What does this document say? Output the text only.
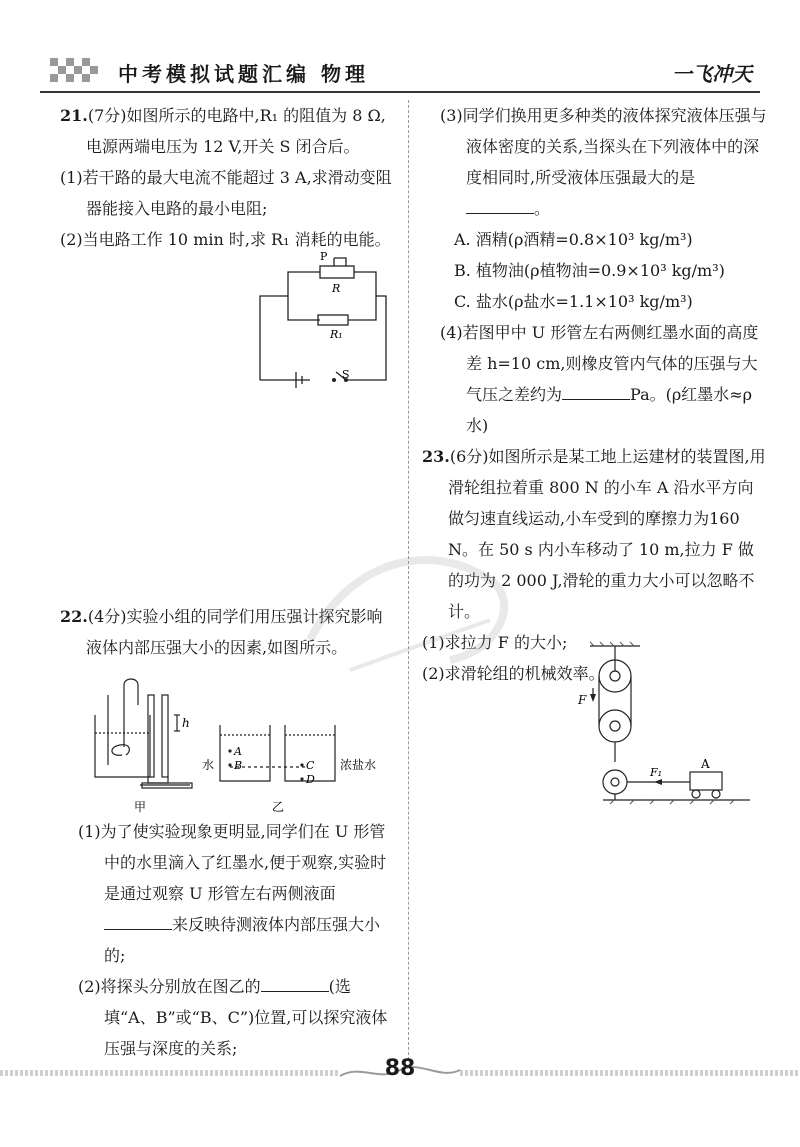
中考模拟试题汇编 物理	一飞冲天

21.(7分)如图所示的电路中,R₁ 的阻值为 8 Ω,电源两端电压为 12 V,开关 S 闭合后。

(1)若干路的最大电流不能超过 3 A,求滑动变阻器能接入电路的最小电阻;

(2)当电路工作 10 min 时,求 R₁ 消耗的电能。

P
R
R₁
S

22.(4分)实验小组的同学们用压强计探究影响液体内部压强大小的因素,如图所示。

h
A
B	C
D
水	浓盐水
甲	乙

(1)为了使实验现象更明显,同学们在 U 形管中的水里滴入了红墨水,便于观察,实验时是通过观察 U 形管左右两侧液面来反映待测液体内部压强大小的;

(2)将探头分别放在图乙的	(选填“A、B”或“B、C”)位置,可以探究液体压强与深度的关系;

(3)同学们换用更多种类的液体探究液体压强与液体密度的关系,当探头在下列液体中的深度相同时,所受液体压强最大的是
。

A. 酒精(ρ酒精=0.8×10³ kg/m³)

B. 植物油(ρ植物油=0.9×10³ kg/m³)

C. 盐水(ρ盐水=1.1×10³ kg/m³)

(4)若图甲中 U 形管左右两侧红墨水面的高度差 h=10 cm,则橡皮管内气体的压强与大气压之差约为	Pa。(ρ红墨水≈ρ水)

23.(6分)如图所示是某工地上运建材的装置图,用滑轮组拉着重 800 N 的小车 A 沿水平方向做匀速直线运动,小车受到的摩擦力为160 N。在 50 s 内小车移动了 10 m,拉力 F 做的功为 2 000 J,滑轮的重力大小可以忽略不计。

(1)求拉力 F 的大小;

(2)求滑轮组的机械效率。

F
F₁
A
88
